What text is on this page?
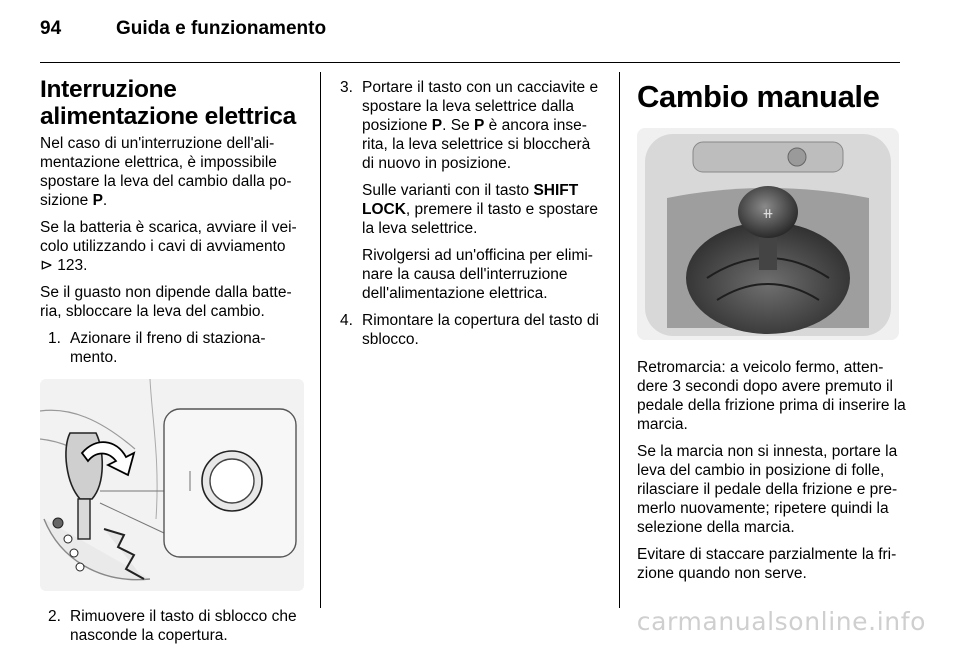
94	Guida e funzionamento
Interruzione alimentazione elettrica

Nel caso di un'interruzione dell'ali- mentazione elettrica, è impossibile spostare la leva del cambio dalla po- sizione P.

Se la batteria è scarica, avviare il vei- colo utilizzando i cavi di avviamento
⊳ 123.

Se il guasto non dipende dalla batte- ria, sbloccare la leva del cambio.

1. Azionare il freno di staziona- mento.
2. Rimuovere il tasto di sblocco che nasconde la copertura.
3. Portare il tasto con un cacciavite e spostare la leva selettrice dalla posizione P. Se P è ancora inse- rita, la leva selettrice si bloccherà di nuovo in posizione.

Sulle varianti con il tasto SHIFT LOCK, premere il tasto e spostare la leva selettrice.

Rivolgersi ad un'officina per elimi- nare la causa dell'interruzione dell'alimentazione elettrica.

4. Rimontare la copertura del tasto di sblocco.
Cambio manuale
⧺

Retromarcia: a veicolo fermo, atten- dere 3 secondi dopo avere premuto il pedale della frizione prima di inserire la marcia.

Se la marcia non si innesta, portare la leva del cambio in posizione di folle, rilasciare il pedale della frizione e pre- merlo nuovamente; ripetere quindi la selezione della marcia.

Evitare di staccare parzialmente la fri- zione quando non serve.

carmanualsonline.info
